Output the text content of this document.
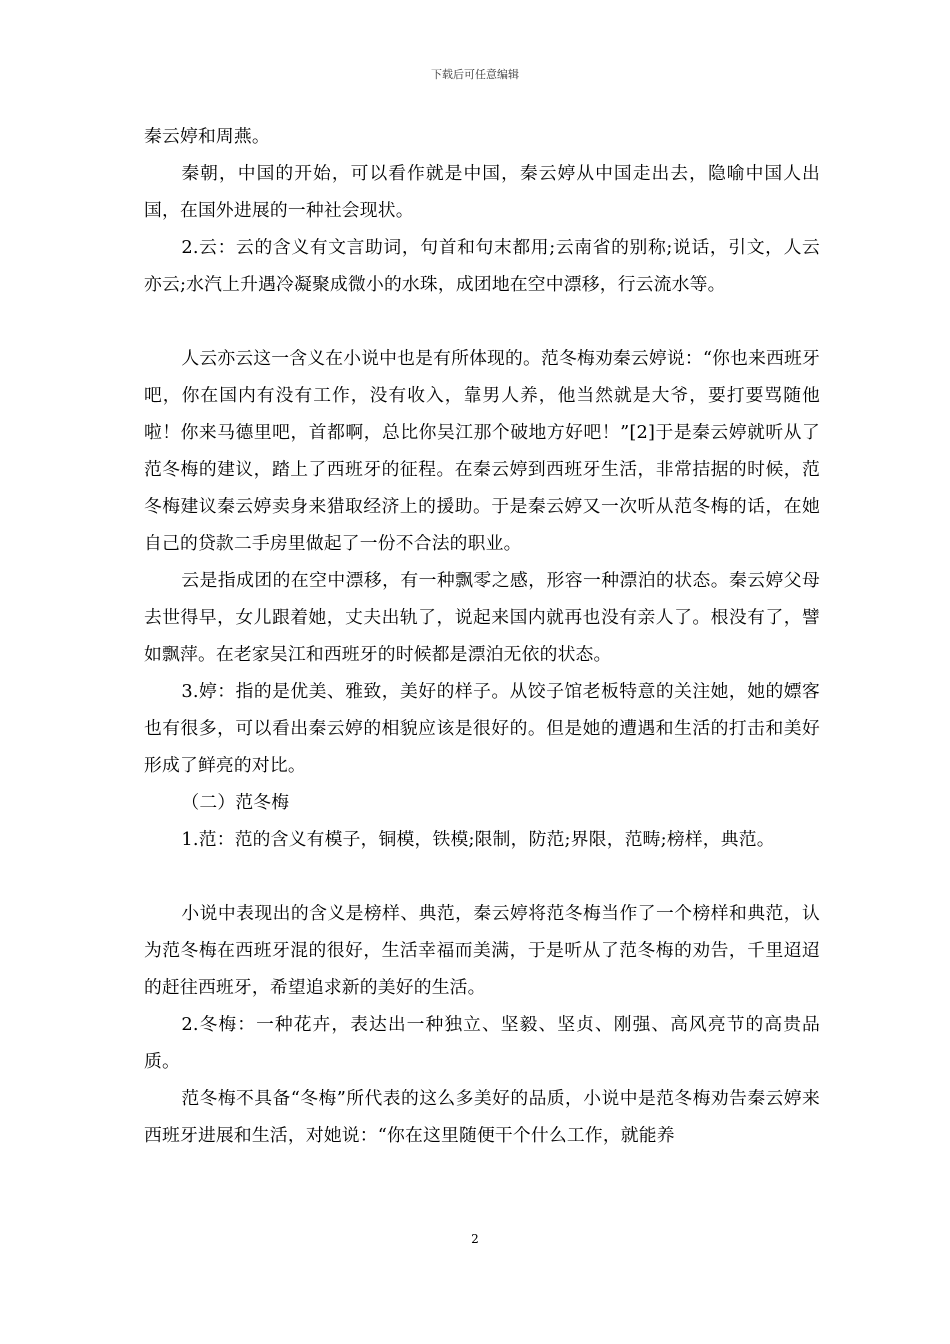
下载后可任意编辑

秦云婷和周燕。

秦朝，中国的开始，可以看作就是中国，秦云婷从中国走出去，隐喻中国人出国，在国外进展的一种社会现状。

2.云：云的含义有文言助词，句首和句末都用;云南省的别称;说话，引文，人云亦云;水汽上升遇冷凝聚成微小的水珠，成团地在空中漂移，行云流水等。

人云亦云这一含义在小说中也是有所体现的。范冬梅劝秦云婷说：“你也来西班牙吧，你在国内有没有工作，没有收入，靠男人养，他当然就是大爷，要打要骂随他啦！你来马德里吧，首都啊，总比你吴江那个破地方好吧！”[2]于是秦云婷就听从了范冬梅的建议，踏上了西班牙的征程。在秦云婷到西班牙生活，非常拮据的时候，范冬梅建议秦云婷卖身来猎取经济上的援助。于是秦云婷又一次听从范冬梅的话，在她自己的贷款二手房里做起了一份不合法的职业。

云是指成团的在空中漂移，有一种飘零之感，形容一种漂泊的状态。秦云婷父母去世得早，女儿跟着她，丈夫出轨了，说起来国内就再也没有亲人了。根没有了，譬如飘萍。在老家吴江和西班牙的时候都是漂泊无依的状态。

3.婷：指的是优美、雅致，美好的样子。从饺子馆老板特意的关注她，她的嫖客也有很多，可以看出秦云婷的相貌应该是很好的。但是她的遭遇和生活的打击和美好形成了鲜亮的对比。

（二）范冬梅

1.范：范的含义有模子，铜模，铁模;限制，防范;界限，范畴;榜样，典范。

小说中表现出的含义是榜样、典范，秦云婷将范冬梅当作了一个榜样和典范，认为范冬梅在西班牙混的很好，生活幸福而美满，于是听从了范冬梅的劝告，千里迢迢的赶往西班牙，希望追求新的美好的生活。

2.冬梅：一种花卉，表达出一种独立、坚毅、坚贞、刚强、高风亮节的高贵品质。

范冬梅不具备“冬梅”所代表的这么多美好的品质，小说中是范冬梅劝告秦云婷来西班牙进展和生活，对她说：“你在这里随便干个什么工作，就能养

2
